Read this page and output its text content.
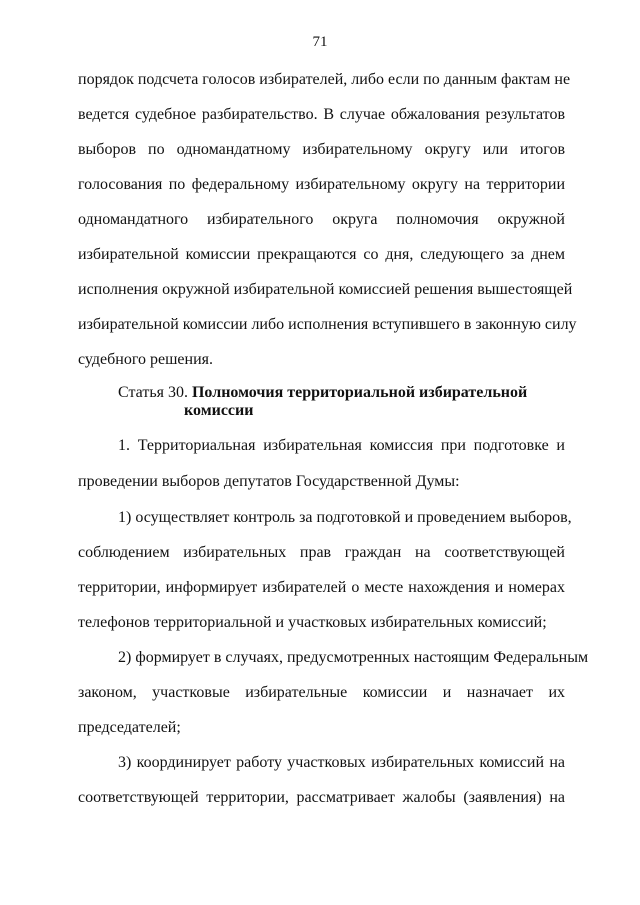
71
порядок подсчета голосов избирателей, либо если по данным фактам не
ведется судебное разбирательство. В случае обжалования результатов
выборов по одномандатному избирательному округу или итогов
голосования по федеральному избирательному округу на территории
одномандатного избирательного округа полномочия окружной
избирательной комиссии прекращаются со дня, следующего за днем
исполнения окружной избирательной комиссией решения вышестоящей
избирательной комиссии либо исполнения вступившего в законную силу
судебного решения.
Статья 30. Полномочия территориальной избирательной
комиссии
1. Территориальная избирательная комиссия при подготовке и
проведении выборов депутатов Государственной Думы:
1) осуществляет контроль за подготовкой и проведением выборов,
соблюдением избирательных прав граждан на соответствующей
территории, информирует избирателей о месте нахождения и номерах
телефонов территориальной и участковых избирательных комиссий;
2) формирует в случаях, предусмотренных настоящим Федеральным
законом, участковые избирательные комиссии и назначает их
председателей;
3) координирует работу участковых избирательных комиссий на
соответствующей территории, рассматривает жалобы (заявления) на
